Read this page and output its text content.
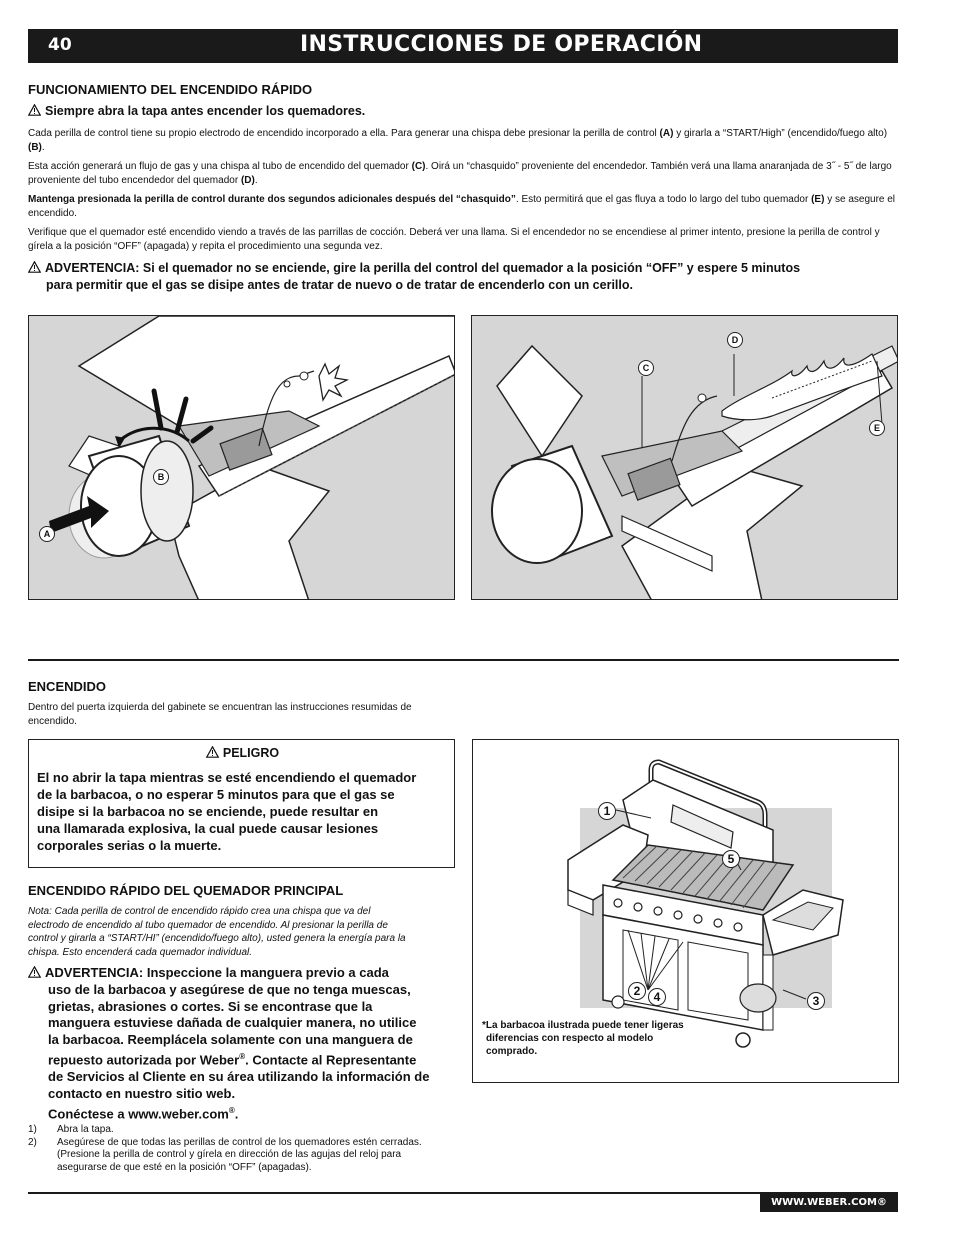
40	INSTRUCCIONES DE OPERACIÓN
FUNCIONAMIENTO DEL ENCENDIDO RÁPIDO
Siempre abra la tapa antes encender los quemadores.
Cada perilla de control tiene su propio electrodo de encendido incorporado a ella. Para generar una chispa debe presionar la perilla de control (A) y girarla a “START/High” (encendido/fuego alto) (B).
Esta acción generará un flujo de gas y una chispa al tubo de encendido del quemador (C). Oirá un “chasquido” proveniente del encendedor. También verá una llama anaranjada de 3˝ - 5˝ de largo proveniente del tubo encendedor del quemador (D).
Mantenga presionada la perilla de control durante dos segundos adicionales después del “chasquido”. Esto permitirá que el gas fluya a todo lo largo del tubo quemador (E) y se asegure el encendido.
Verifique que el quemador esté encendido viendo a través de las parrillas de cocción. Deberá ver una llama. Si el encendedor no se encendiese al primer intento, presione la perilla de control y gírela a la posición “OFF” (apagada) y repita el procedimiento una segunda vez.
ADVERTENCIA: Si el quemador no se enciende, gire la perilla del control del quemador a la posición “OFF” y espere 5 minutos
para permitir que el gas se disipe antes de tratar de nuevo o de tratar de encenderlo con un cerillo.
B
A
C
D
E
ENCENDIDO
Dentro del puerta izquierda del gabinete se encuentran las instrucciones resumidas de
encendido.
PELIGRO
El no abrir la tapa mientras se esté encendiendo el quemador
de la barbacoa, o no esperar 5 minutos para que el gas se
disipe si la barbacoa no se enciende, puede resultar en
una llamarada explosiva, la cual puede causar lesiones
corporales serias o la muerte.
ENCENDIDO RÁPIDO DEL QUEMADOR PRINCIPAL
Nota: Cada perilla de control de encendido rápido crea una chispa que va del
electrodo de encendido al tubo quemador de encendido. Al presionar la perilla de
control y girarla a “START/HI” (encendido/fuego alto), usted genera la energía para la
chispa. Esto encenderá cada quemador individual.
ADVERTENCIA: Inspeccione la manguera previo a cada
uso de la barbacoa y asegúrese de que no tenga muescas,
grietas, abrasiones o cortes. Si se encontrase que la
manguera estuviese dañada de cualquier manera, no utilice
la barbacoa. Reemplácela solamente con una manguera de
repuesto autorizada por Weber®. Contacte al Representante
de Servicios al Cliente en su área utilizando la información de
contacto en nuestro sitio web.
Conéctese a www.weber.com®.
1) Abra la tapa.
2) Asegúrese de que todas las perillas de control de los quemadores estén cerradas.
(Presione la perilla de control y gírela en dirección de las agujas del reloj para
asegurarse de que esté en la posición “OFF” (apagadas).
1
5
2	4	3
*La barbacoa ilustrada puede tener ligeras
diferencias con respecto al modelo
comprado.
WWW.WEBER.COM®
